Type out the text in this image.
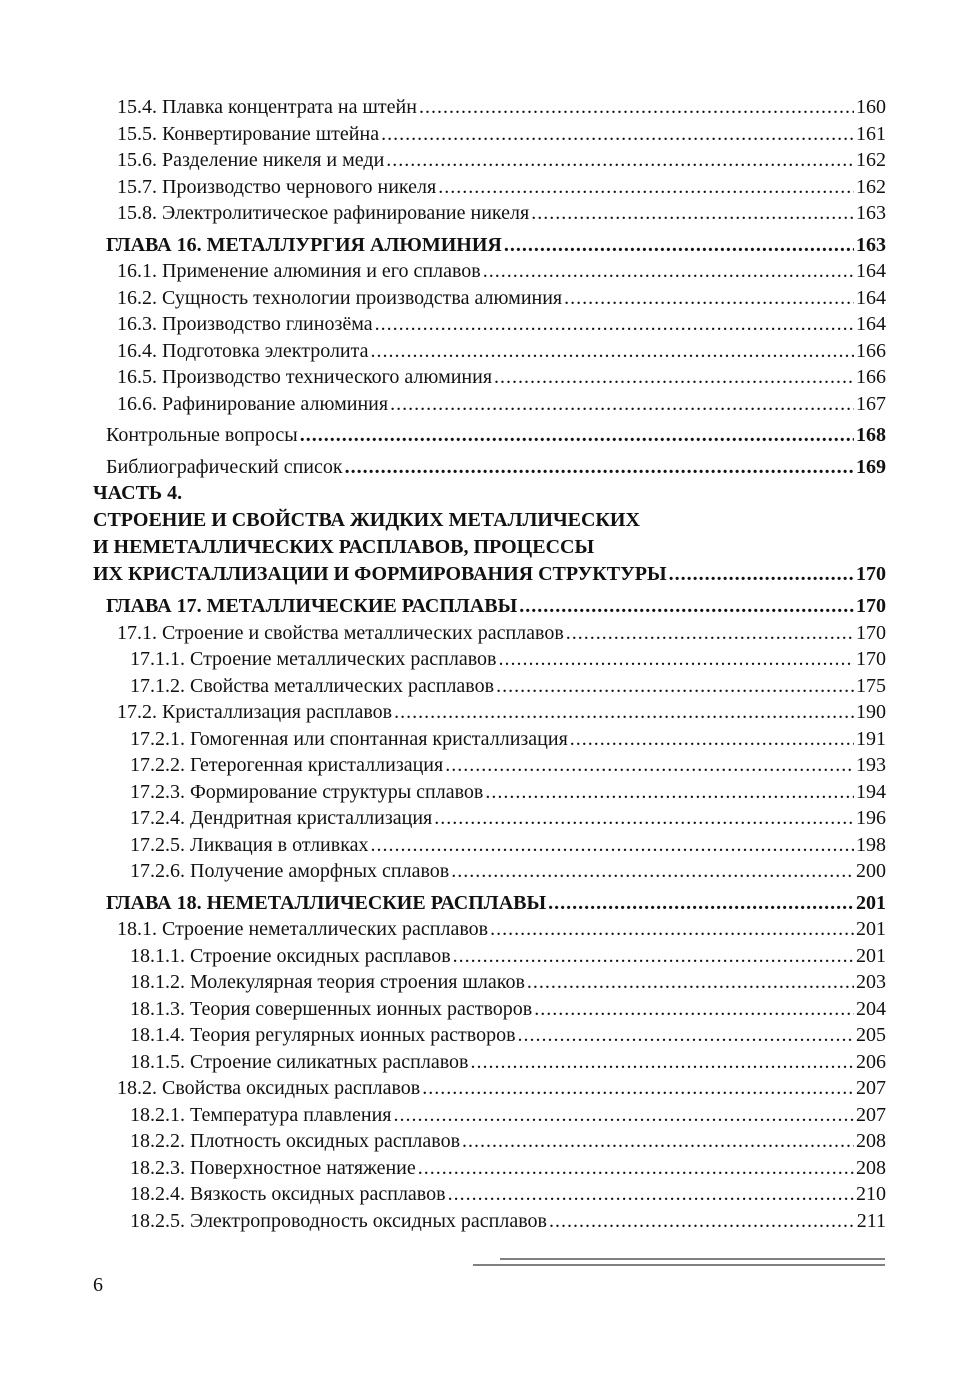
15.4. Плавка концентрата на штейн .....	160
15.5. Конвертирование штейна .....	161
15.6. Разделение никеля и меди .....	162
15.7. Производство чернового никеля .....	162
15.8. Электролитическое рафинирование никеля .....	163
ГЛАВА 16. МЕТАЛЛУРГИЯ АЛЮМИНИЯ .....	163
16.1. Применение алюминия и его сплавов .....	164
16.2. Сущность технологии производства алюминия .....	164
16.3. Производство глинозёма .....	164
16.4. Подготовка электролита .....	166
16.5. Производство технического алюминия .....	166
16.6. Рафинирование алюминия .....	167
Контрольные вопросы .....	168
Библиографический список .....	169
ЧАСТЬ 4.
СТРОЕНИЕ И СВОЙСТВА ЖИДКИХ МЕТАЛЛИЧЕСКИХ
И НЕМЕТАЛЛИЧЕСКИХ РАСПЛАВОВ, ПРОЦЕССЫ
ИХ КРИСТАЛЛИЗАЦИИ И ФОРМИРОВАНИЯ СТРУКТУРЫ .....	170
ГЛАВА 17. МЕТАЛЛИЧЕСКИЕ РАСПЛАВЫ .....	170
17.1. Строение и свойства металлических расплавов .....	170
17.1.1. Строение металлических расплавов .....	170
17.1.2. Свойства металлических расплавов .....	175
17.2. Кристаллизация расплавов .....	190
17.2.1. Гомогенная или спонтанная кристаллизация .....	191
17.2.2. Гетерогенная кристаллизация .....	193
17.2.3. Формирование структуры сплавов .....	194
17.2.4. Дендритная кристаллизация .....	196
17.2.5. Ликвация в отливках .....	198
17.2.6. Получение аморфных сплавов .....	200
ГЛАВА 18. НЕМЕТАЛЛИЧЕСКИЕ РАСПЛАВЫ .....	201
18.1. Строение неметаллических расплавов .....	201
18.1.1. Строение оксидных расплавов .....	201
18.1.2. Молекулярная теория строения шлаков .....	203
18.1.3. Теория совершенных ионных растворов .....	204
18.1.4. Теория регулярных ионных растворов .....	205
18.1.5. Строение силикатных расплавов .....	206
18.2. Свойства оксидных расплавов .....	207
18.2.1. Температура плавления .....	207
18.2.2. Плотность оксидных расплавов .....	208
18.2.3. Поверхностное натяжение .....	208
18.2.4. Вязкость оксидных расплавов .....	210
18.2.5. Электропроводность оксидных расплавов .....	211
6
